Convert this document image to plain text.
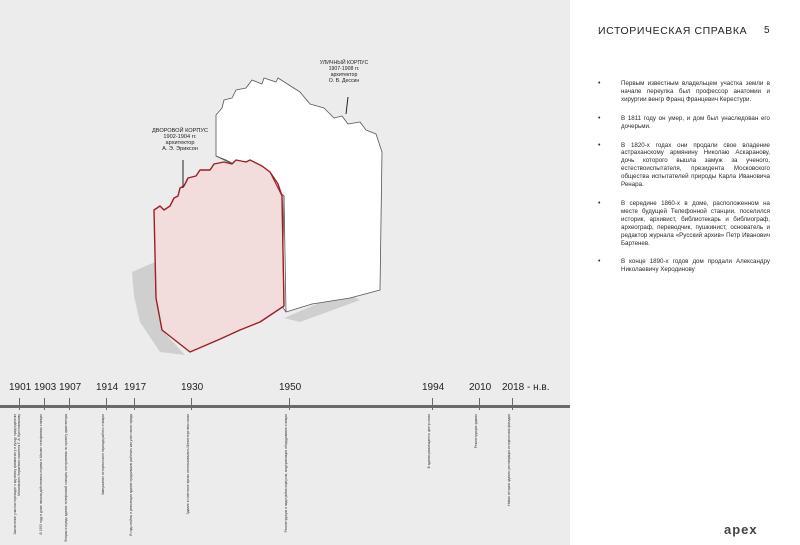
УЛИЧНЫЙ КОРПУС
1907-1908 гг.
архитектор
О. В. Дессин
ДВОРОВОЙ КОРПУС
1902-1904 гг.
архитектор
А. Э. Эриксон
ИСТОРИЧЕСКАЯ СПРАВКА 5
•	Первым известным владельцем участка земли в начале переулка был профессор анатомии и хирургии венгр Франц Францевич Керестури.
•	В 1811 году он умер, и дом был унаследован его дочерьми.
•	В 1820-х годах они продали свое владение астраханскому армянину Николаю Аскаранову, дочь которого вышла замуж за ученого, естествоиспытателя, президента Московского общества испытателей природы Карла Ивановича Ренара.
•	В середине 1860-х в доме, расположенном на месте будущей Телефонной станции, поселился историк, архивист, библиотекарь и библиограф, археограф, переводчик, пушкинист, основатель и редактор журнала «Русский архив» Петр Иванович Бартенев.
•	В конце 1890-х годов дом продали Александру Николаевичу Херодинову
apex
1901 1903 1907 1914 1917	1930	1950	1994 2010 2018 - н.в.
Заключение участка переходит к крупному финансисту и купцу, председателю Московского биржевого комитета Г. А. Крестовникову	В 1903 году в доме начала действовать первая в Москве телефонная станция	Вторая очередь здания телефонной станции, построенная по проекту архитектора	Завершение исторического периода работы станции	В годы войны и революции здание продолжало работать как узел связи города	Здание в советское время использовалось Министерством связи	Реконструкция и надстройка корпусов, модернизация оборудования станции	В здании размещается центр связи	Реконструкция здания	Новая история здания: реставрация исторических фасадов
